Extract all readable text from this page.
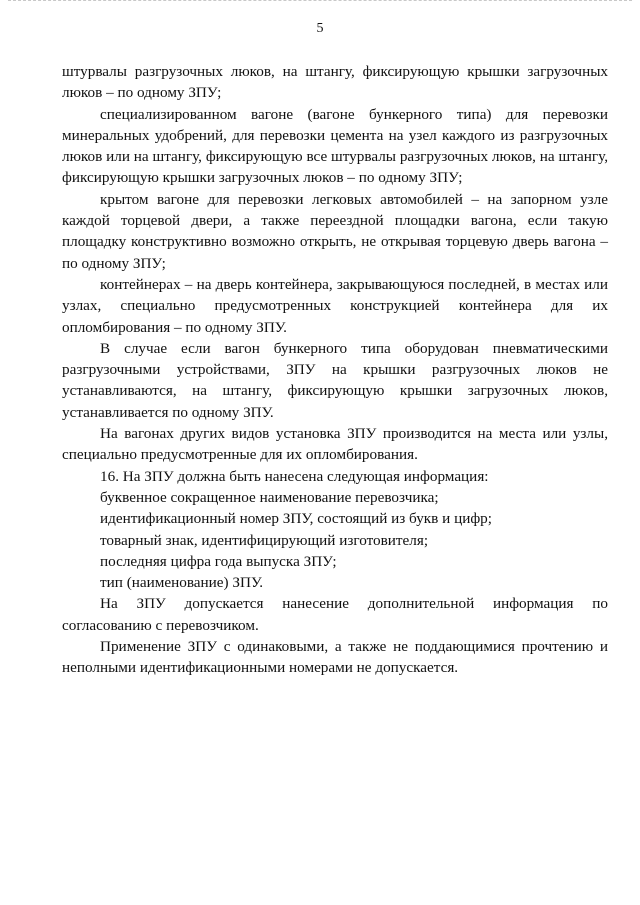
5

штурвалы разгрузочных люков, на штангу, фиксирующую крышки загрузочных люков – по одному ЗПУ;

специализированном вагоне (вагоне бункерного типа) для перевозки минеральных удобрений, для перевозки цемента на узел каждого из разгрузочных люков или на штангу, фиксирующую все штурвалы разгрузочных люков, на штангу, фиксирующую крышки загрузочных люков – по одному ЗПУ;

крытом вагоне для перевозки легковых автомобилей – на запорном узле каждой торцевой двери, а также переездной площадки вагона, если такую площадку конструктивно возможно открыть, не открывая торцевую дверь вагона – по одному ЗПУ;

контейнерах – на дверь контейнера, закрывающуюся последней, в местах или узлах, специально предусмотренных конструкцией контейнера для их опломбирования – по одному ЗПУ.

В случае если вагон бункерного типа оборудован пневматическими разгрузочными устройствами, ЗПУ на крышки разгрузочных люков не устанавливаются, на штангу, фиксирующую крышки загрузочных люков, устанавливается по одному ЗПУ.

На вагонах других видов установка ЗПУ производится на места или узлы, специально предусмотренные для их опломбирования.

16. На ЗПУ должна быть нанесена следующая информация:

буквенное сокращенное наименование перевозчика;

идентификационный номер ЗПУ, состоящий из букв и цифр;

товарный знак, идентифицирующий изготовителя;

последняя цифра года выпуска ЗПУ;

тип (наименование) ЗПУ.

На ЗПУ допускается нанесение дополнительной информация по согласованию с перевозчиком.

Применение ЗПУ с одинаковыми, а также не поддающимися прочтению и неполными идентификационными номерами не допускается.
